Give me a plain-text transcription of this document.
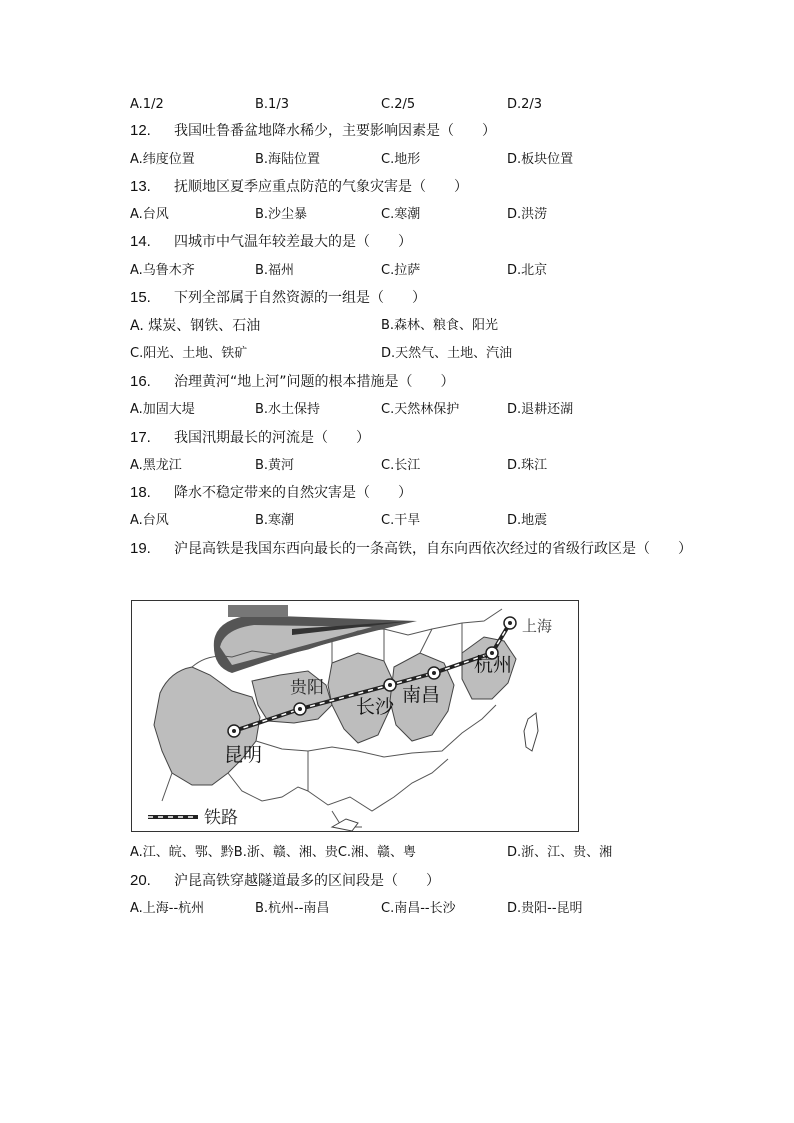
A.1/2	B.1/3	C.2/5	D.2/3
12. 我国吐鲁番盆地降水稀少，主要影响因素是（　　）
A.纬度位置	B.海陆位置	C.地形	D.板块位置
13. 抚顺地区夏季应重点防范的气象灾害是（　　）
A.台风	B.沙尘暴	C.寒潮	D.洪涝
14. 四城市中气温年较差最大的是（　　）
A.乌鲁木齐	B.福州	C.拉萨	D.北京
15. 下列全部属于自然资源的一组是（　　）
A. 煤炭、钢铁、石油	B.森林、粮食、阳光
C.阳光、土地、铁矿	D.天然气、土地、汽油
16. 治理黄河“地上河”问题的根本措施是（　　）
A.加固大堤	B.水土保持	C.天然林保护	D.退耕还湖
17. 我国汛期最长的河流是（　　）
A.黑龙江	B.黄河	C.长江	D.珠江
18. 降水不稳定带来的自然灾害是（　　）
A.台风	B.寒潮	C.干旱	D.地震
19. 沪昆高铁是我国东西向最长的一条高铁，自东向西依次经过的省级行政区是（　　）
上海
杭州
南昌
长沙
贵阳
昆明
铁路
A.江、皖、鄂、黔B.浙、赣、湘、贵C.湘、赣、粤	D.浙、江、贵、湘
20. 沪昆高铁穿越隧道最多的区间段是（　　）
A.上海--杭州	B.杭州--南昌	C.南昌--长沙	D.贵阳--昆明
